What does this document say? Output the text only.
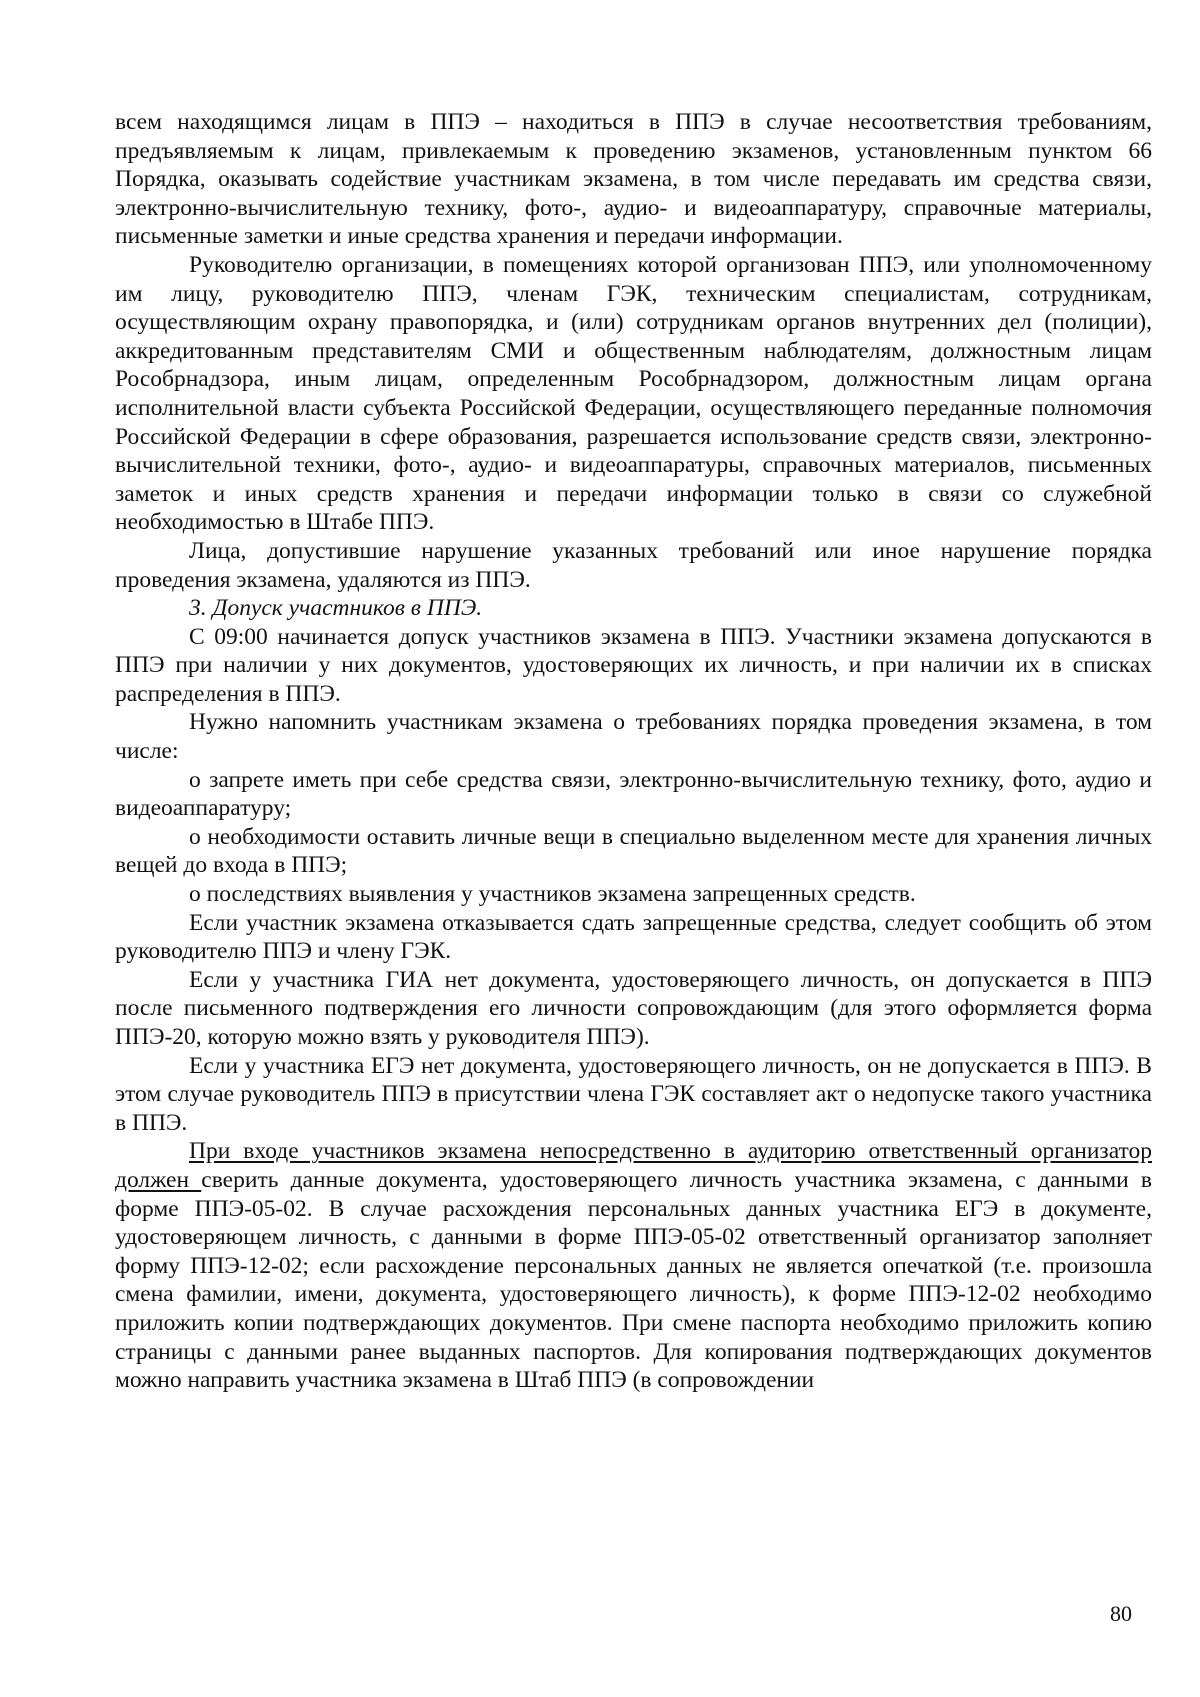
всем находящимся лицам в ППЭ – находиться в ППЭ в случае несоответствия требованиям, предъявляемым к лицам, привлекаемым к проведению экзаменов, установленным пунктом 66 Порядка, оказывать содействие участникам экзамена, в том числе передавать им средства связи, электронно-вычислительную технику, фото-, аудио- и видеоаппаратуру, справочные материалы, письменные заметки и иные средства хранения и передачи информации.

Руководителю организации, в помещениях которой организован ППЭ, или уполномоченному им лицу, руководителю ППЭ, членам ГЭК, техническим специалистам, сотрудникам, осуществляющим охрану правопорядка, и (или) сотрудникам органов внутренних дел (полиции), аккредитованным представителям СМИ и общественным наблюдателям, должностным лицам Рособрнадзора, иным лицам, определенным Рособрнадзором, должностным лицам органа исполнительной власти субъекта Российской Федерации, осуществляющего переданные полномочия Российской Федерации в сфере образования, разрешается использование средств связи, электронно-вычислительной техники, фото-, аудио- и видеоаппаратуры, справочных материалов, письменных заметок и иных средств хранения и передачи информации только в связи со служебной необходимостью в Штабе ППЭ.

Лица, допустившие нарушение указанных требований или иное нарушение порядка проведения экзамена, удаляются из ППЭ.

3. Допуск участников в ППЭ.

С 09:00 начинается допуск участников экзамена в ППЭ. Участники экзамена допускаются в ППЭ при наличии у них документов, удостоверяющих их личность, и при наличии их в списках распределения в ППЭ.

Нужно напомнить участникам экзамена о требованиях порядка проведения экзамена, в том числе:

о запрете иметь при себе средства связи, электронно-вычислительную технику, фото, аудио и видеоаппаратуру;

о необходимости оставить личные вещи в специально выделенном месте для хранения личных вещей до входа в ППЭ;

о последствиях выявления у участников экзамена запрещенных средств.

Если участник экзамена отказывается сдать запрещенные средства, следует сообщить об этом руководителю ППЭ и члену ГЭК.

Если у участника ГИА нет документа, удостоверяющего личность, он допускается в ППЭ после письменного подтверждения его личности сопровождающим (для этого оформляется форма ППЭ-20, которую можно взять у руководителя ППЭ).

Если у участника ЕГЭ нет документа, удостоверяющего личность, он не допускается в ППЭ. В этом случае руководитель ППЭ в присутствии члена ГЭК составляет акт о недопуске такого участника в ППЭ.

При входе участников экзамена непосредственно в аудиторию ответственный организатор должен сверить данные документа, удостоверяющего личность участника экзамена, с данными в форме ППЭ-05-02. В случае расхождения персональных данных участника ЕГЭ в документе, удостоверяющем личность, с данными в форме ППЭ-05-02 ответственный организатор заполняет форму ППЭ-12-02; если расхождение персональных данных не является опечаткой (т.е. произошла смена фамилии, имени, документа, удостоверяющего личность), к форме ППЭ-12-02 необходимо приложить копии подтверждающих документов. При смене паспорта необходимо приложить копию страницы с данными ранее выданных паспортов. Для копирования подтверждающих документов можно направить участника экзамена в Штаб ППЭ (в сопровождении

80
